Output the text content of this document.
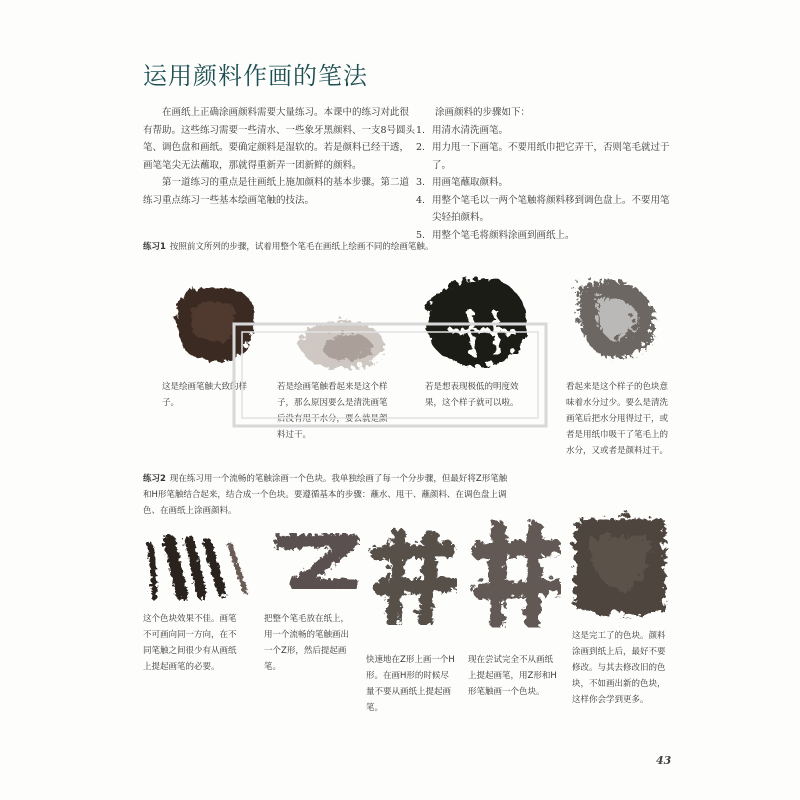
运用颜料作画的笔法

在画纸上正确涂画颜料需要大量练习。本课中的练习对此很有帮助。这些练习需要一些清水、一些象牙黑颜料、一支8号圆头笔、调色盘和画纸。要确定颜料是湿软的。若是颜料已经干透，画笔笔尖无法蘸取，那就得重新弄一团新鲜的颜料。

第一道练习的重点是往画纸上施加颜料的基本步骤。第二道练习重点练习一些基本绘画笔触的技法。

涂画颜料的步骤如下：

1. 用清水清洗画笔。
2. 用力甩一下画笔。不要用纸巾把它弄干，否则笔毛就过于了。
3. 用画笔蘸取颜料。
4. 用整个笔毛以一两个笔触将颜料移到调色盘上。不要用笔尖轻拍颜料。
5. 用整个笔毛将颜料涂画到画纸上。
练习1 按照前文所列的步骤，试着用整个笔毛在画纸上绘画不同的绘画笔触。
这是绘画笔触大致的样子。
若是绘画笔触看起来是这个样子，那么原因要么是清洗画笔后没有甩干水分，要么就是颜料过干。
若是想表现极低的明度效果，这个样子就可以啦。
看起来是这个样子的色块意味着水分过少。要么是清洗画笔后把水分甩得过干，或者是用纸巾吸干了笔毛上的水分，又或者是颜料过干。
练习2 现在练习用一个流畅的笔触涂画一个色块。我单独绘画了每一个分步骤，但最好将Z形笔触和H形笔触结合起来，结合成一个色块。要遵循基本的步骤：蘸水、甩干、蘸颜料、在调色盘上调色、在画纸上涂画颜料。
这个色块效果不佳。画笔不可画向同一方向，在不同笔触之间很少有从画纸上提起画笔的必要。
把整个笔毛放在纸上，用一个流畅的笔触画出一个Z形，然后提起画笔。
快速地在Z形上画一个H形。在画H形的时候尽量不要从画纸上提起画笔。
现在尝试完全不从画纸上提起画笔，用Z形和H形笔触画一个色块。
这是完工了的色块。颜料涂画到纸上后，最好不要修改。与其去修改旧的色块，不如画出新的色块，这样你会学到更多。
43
